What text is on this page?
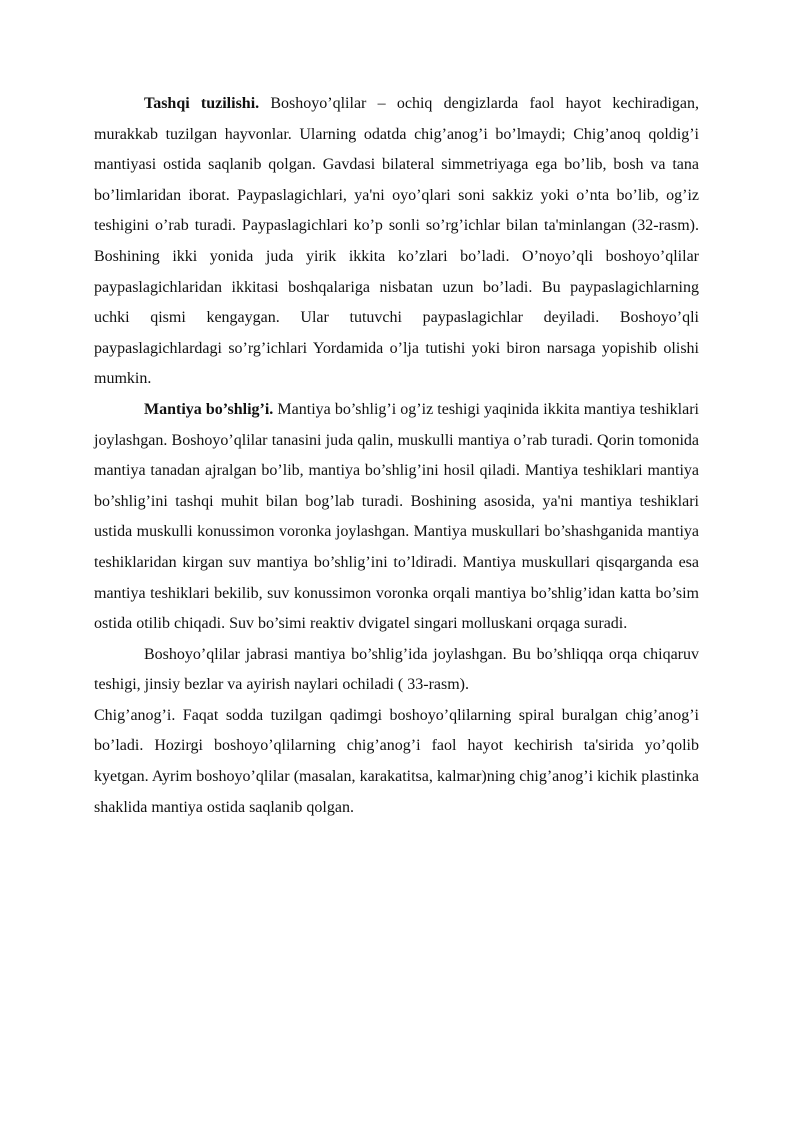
Tashqi tuzilishi. Boshoyo’qlilar – ochiq dengizlarda faol hayot kechiradigan, murakkab tuzilgan hayvonlar. Ularning odatda chig’anog’i bo’lmaydi; Chig’anoq qoldig’i mantiyasi ostida saqlanib qolgan. Gavdasi bilateral simmetriyaga ega bo’lib, bosh va tana bo’limlaridan iborat. Paypaslagichlari, ya'ni oyo’qlari soni sakkiz yoki o’nta bo’lib, og’iz teshigini o’rab turadi. Paypaslagichlari ko’p sonli so’rg’ichlar bilan ta'minlangan (32-rasm). Boshining ikki yonida juda yirik ikkita ko’zlari bo’ladi. O’noyo’qli boshoyo’qlilar paypaslagichlaridan ikkitasi boshqalariga nisbatan uzun bo’ladi. Bu paypaslagichlarning uchki qismi kengaygan. Ular tutuvchi paypaslagichlar deyiladi. Boshoyo’qli paypaslagichlardagi so’rg’ichlari Yordamida o’lja tutishi yoki biron narsaga yopishib olishi mumkin.

Mantiya bo’shlig’i. Mantiya bo’shlig’i og’iz teshigi yaqinida ikkita mantiya teshiklari joylashgan. Boshoyo’qlilar tanasini juda qalin, muskulli mantiya o’rab turadi. Qorin tomonida mantiya tanadan ajralgan bo’lib, mantiya bo’shlig’ini hosil qiladi. Mantiya teshiklari mantiya bo’shlig’ini tashqi muhit bilan bog’lab turadi. Boshining asosida, ya'ni mantiya teshiklari ustida muskulli konussimon voronka joylashgan. Mantiya muskullari bo’shashganida mantiya teshiklaridan kirgan suv mantiya bo’shlig’ini to’ldiradi. Mantiya muskullari qisqarganda esa mantiya teshiklari bekilib, suv konussimon voronka orqali mantiya bo’shlig’idan katta bo’sim ostida otilib chiqadi. Suv bo’simi reaktiv dvigatel singari molluskani orqaga suradi.

Boshoyo’qlilar jabrasi mantiya bo’shlig’ida joylashgan. Bu bo’shliqqa orqa chiqaruv teshigi, jinsiy bezlar va ayirish naylari ochiladi ( 33-rasm).

Chig’anog’i. Faqat sodda tuzilgan qadimgi boshoyo’qlilarning spiral buralgan chig’anog’i bo’ladi. Hozirgi boshoyo’qlilarning chig’anog’i faol hayot kechirish ta'sirida yo’qolib kyetgan. Ayrim boshoyo’qlilar (masalan, karakatitsa, kalmar)ning chig’anog’i kichik plastinka shaklida mantiya ostida saqlanib qolgan.
